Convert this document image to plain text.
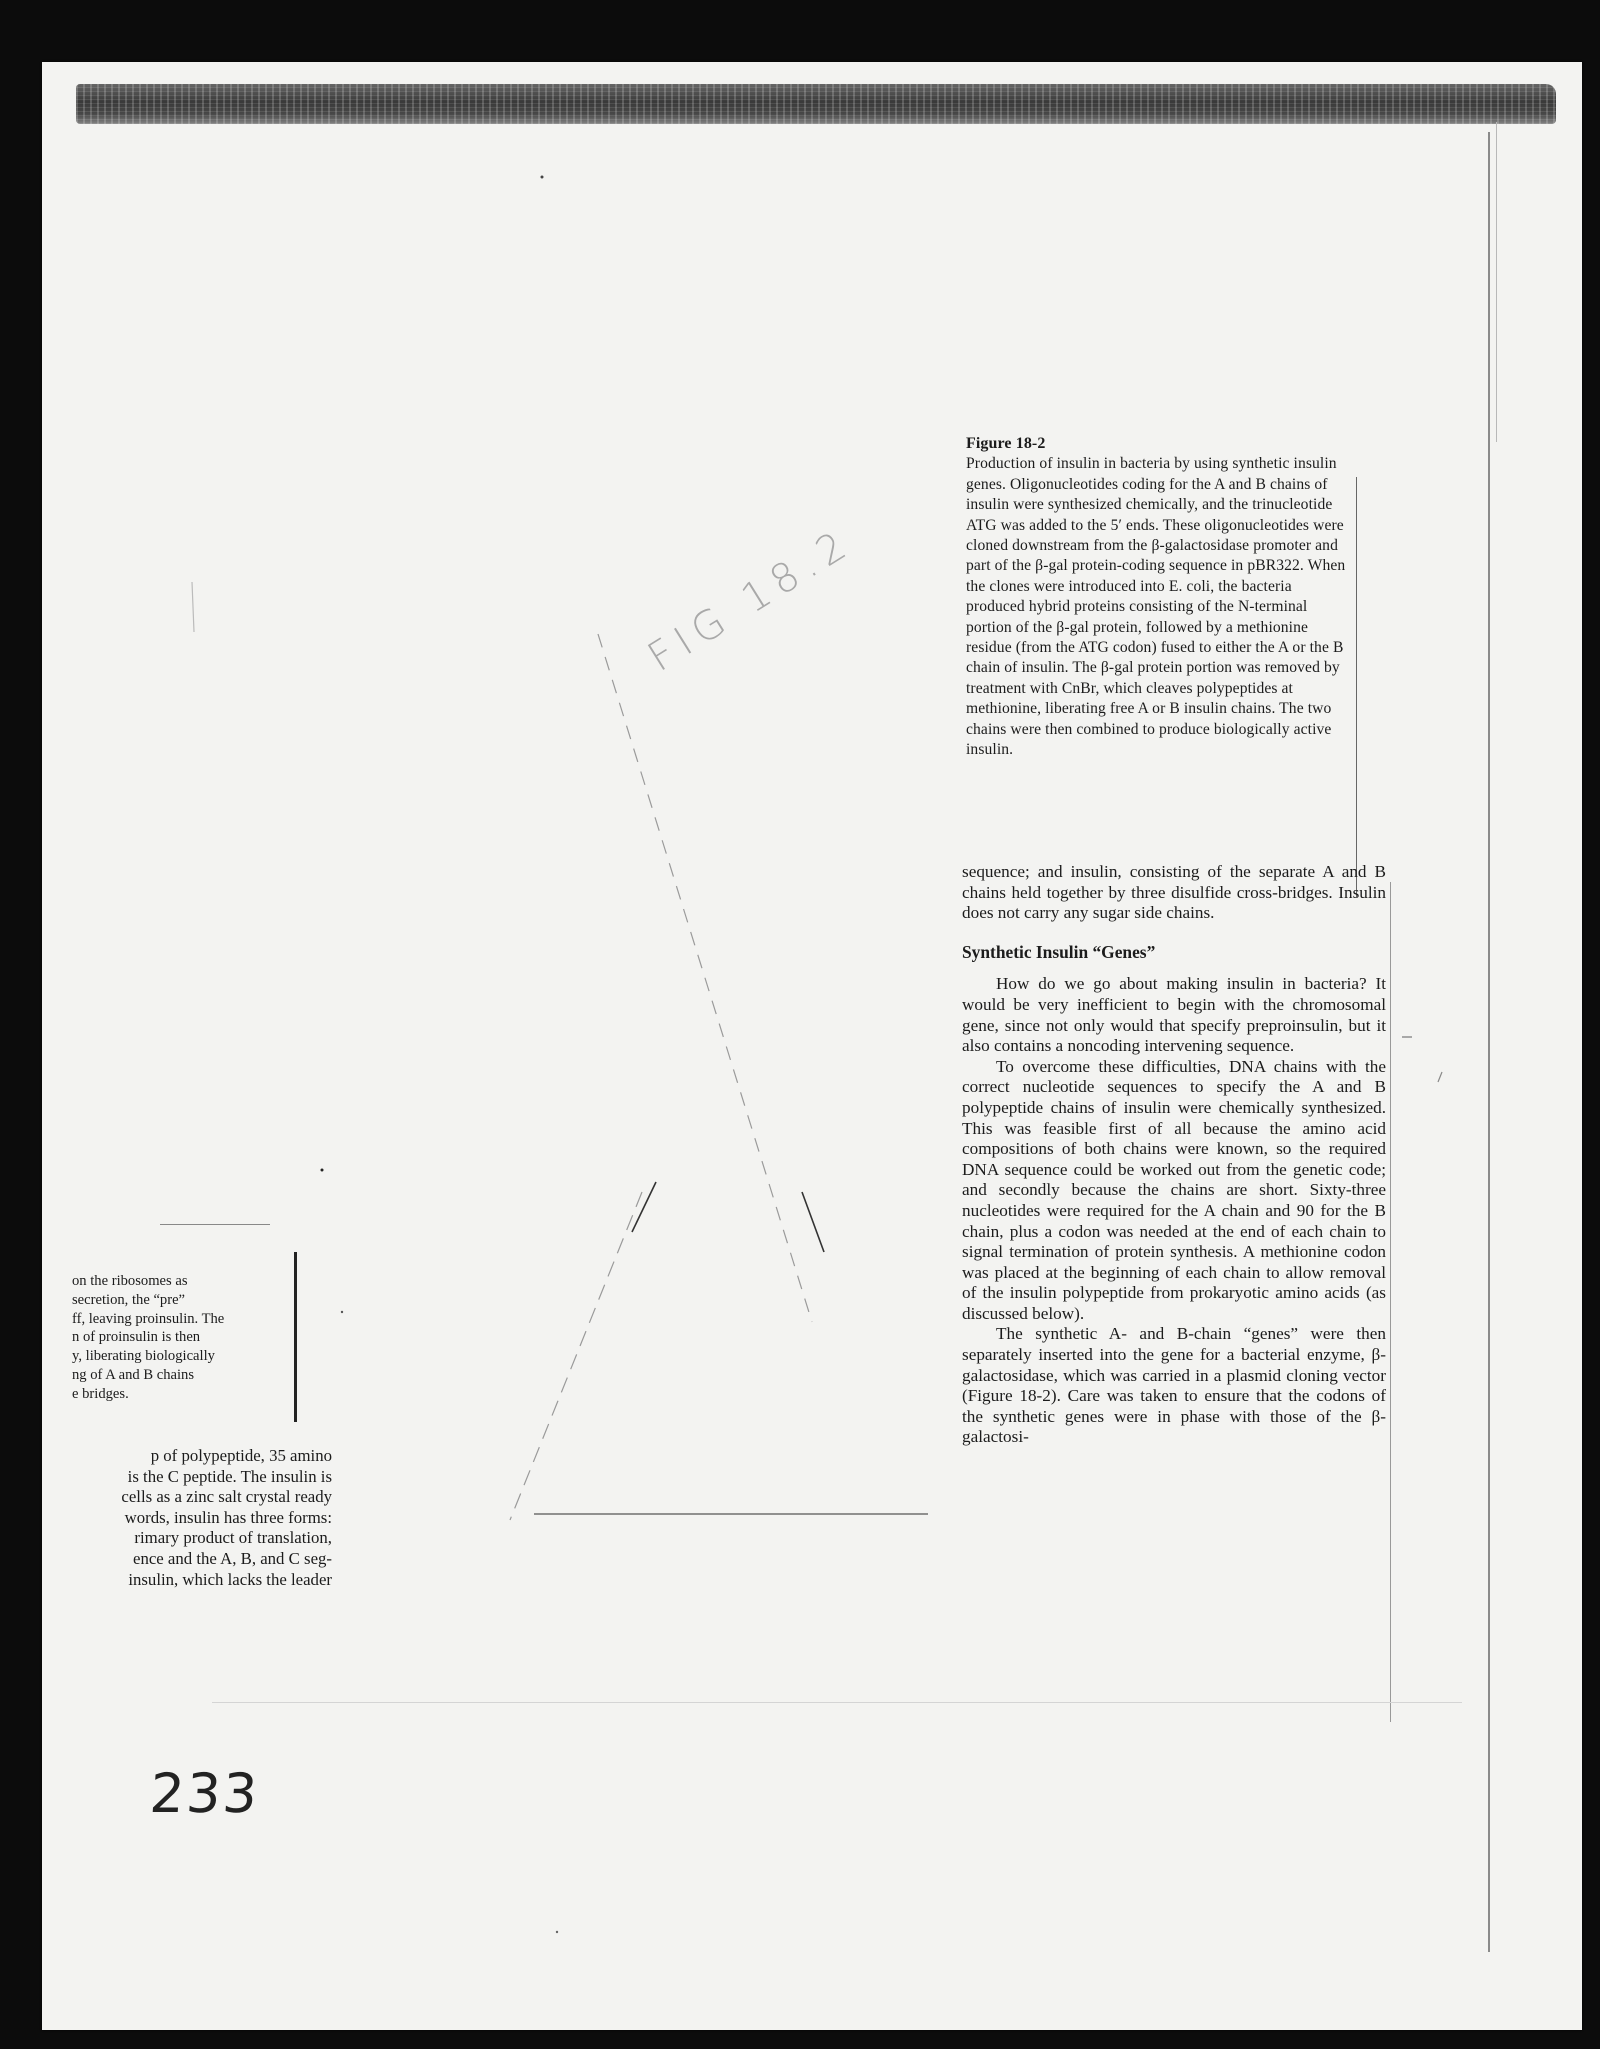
Figure 18-2

Production of insulin in bacteria by using synthetic insulin genes. Oligonucleotides coding for the A and B chains of insulin were synthesized chemically, and the trinucleotide ATG was added to the 5′ ends. These oligonucleotides were cloned downstream from the β-galactosidase promoter and part of the β-gal protein-coding sequence in pBR322. When the clones were introduced into E. coli, the bacteria produced hybrid proteins consisting of the N-terminal portion of the β-gal protein, followed by a methionine residue (from the ATG codon) fused to either the A or the B chain of insulin. The β-gal protein portion was removed by treatment with CnBr, which cleaves polypeptides at methionine, liberating free A or B insulin chains. The two chains were then combined to produce biologically active insulin.

sequence; and insulin, consisting of the separate A and B chains held together by three disulfide cross-bridges. Insulin does not carry any sugar side chains.

Synthetic Insulin “Genes”

How do we go about making insulin in bacteria? It would be very inefficient to begin with the chromosomal gene, since not only would that specify preproinsulin, but it also contains a noncoding intervening sequence.

To overcome these difficulties, DNA chains with the correct nucleotide sequences to specify the A and B polypeptide chains of insulin were chemically synthesized. This was feasible first of all because the amino acid compositions of both chains were known, so the required DNA sequence could be worked out from the genetic code; and secondly because the chains are short. Sixty-three nucleotides were required for the A chain and 90 for the B chain, plus a codon was needed at the end of each chain to signal termination of protein synthesis. A methionine codon was placed at the beginning of each chain to allow removal of the insulin polypeptide from prokaryotic amino acids (as discussed below).

The synthetic A- and B-chain “genes” were then separately inserted into the gene for a bacterial enzyme, β-galactosidase, which was carried in a plasmid cloning vector (Figure 18-2). Care was taken to ensure that the codons of the synthetic genes were in phase with those of the β-galactosi-

on the ribosomes as
secretion, the “pre”
ff, leaving proinsulin. The
n of proinsulin is then
y, liberating biologically
ng of A and B chains
e bridges.
p of polypeptide, 35 amino
is the C peptide. The insulin is
cells as a zinc salt crystal ready
words, insulin has three forms:
rimary product of translation,
ence and the A, B, and C seg-
insulin, which lacks the leader
FIG 18.2
233
